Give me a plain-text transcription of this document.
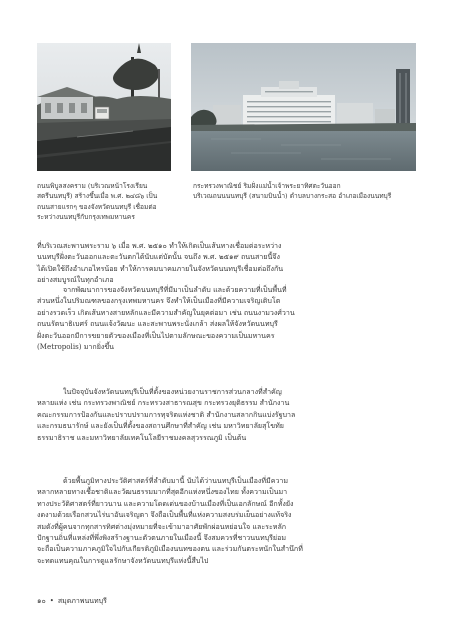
ถนนพิบูลสงคราม (บริเวณหน้าโรงเรียน
สตรีนนทบุรี) สร้างขึ้นเมื่อ พ.ศ. ๒๔๘๖ เป็น
ถนนสายแรกๆ ของจังหวัดนนทบุรี เชื่อมต่อ
ระหว่างนนทบุรีกับกรุงเทพมหานคร
กระทรวงพาณิชย์ ริมฝั่งแม่น้ำเจ้าพระยาทิศตะวันออก
บริเวณถนนนนทบุรี (สนามบินน้ำ) ตำบลบางกระสอ อำเภอเมืองนนทบุรี
ที่บริเวณสะพานพระราม ๖ เมื่อ พ.ศ. ๒๕๑๐ ทำให้เกิดเป็นเส้นทางเชื่อมต่อระหว่าง
นนทบุรีฝั่งตะวันออกและตะวันตกได้นับแต่บัดนั้น จนถึง พ.ศ. ๒๕๑๙ ถนนสายนี้จึง
ได้เปิดใช้ถึงอำเภอไทรน้อย ทำให้การคมนาคมภายในจังหวัดนนทบุรีเชื่อมต่อถึงกัน
อย่างสมบูรณ์ในทุกอำเภอ
จากพัฒนาการของจังหวัดนนทบุรีที่มีมาเป็นลำดับ และด้วยความที่เป็นพื้นที่
ส่วนหนึ่งในปริมณฑลของกรุงเทพมหานคร จึงทำให้เป็นเมืองที่มีความเจริญเติบโต
อย่างรวดเร็ว เกิดเส้นทางสายหลักและมีความสำคัญในยุคต่อมา เช่น ถนนงามวงศ์วาน
ถนนรัตนาธิเบศร์ ถนนแจ้งวัฒนะ และสะพานพระนั่งเกล้า ส่งผลให้จังหวัดนนทบุรี
ฝั่งตะวันออกมีการขยายตัวของเมืองที่เป็นไปตามลักษณะของความเป็นมหานคร
(Metropolis) มากยิ่งขึ้น
ในปัจจุบันจังหวัดนนทบุรีเป็นที่ตั้งของหน่วยงานราชการส่วนกลางที่สำคัญ
หลายแห่ง เช่น กระทรวงพาณิชย์ กระทรวงสาธารณสุข กระทรวงยุติธรรม สำนักงาน
คณะกรรมการป้องกันและปราบปรามการทุจริตแห่งชาติ สำนักงานสลากกินแบ่งรัฐบาล
และกรมธนารักษ์ และยังเป็นที่ตั้งของสถานศึกษาที่สำคัญ เช่น มหาวิทยาลัยสุโขทัย
ธรรมาธิราช และมหาวิทยาลัยเทคโนโลยีราชมงคลสุวรรณภูมิ เป็นต้น
ด้วยพื้นภูมิทางประวัติศาสตร์ที่ลำดับมานี้ นับได้ว่านนทบุรีเป็นเมืองที่มีความ
หลากหลายทางเชื้อชาติและวัฒนธรรมมากที่สุดอีกแห่งหนึ่งของไทย ทั้งความเป็นมา
ทางประวัติศาสตร์ที่ยาวนาน และความโดดเด่นของบ้านเมืองที่เป็นเอกลักษณ์ อีกทั้งยัง
งดงามด้วยเรือกสวนไร่นาอันเจริญตา จึงถือเป็นพื้นที่แห่งความสงบร่มเย็นอย่างแท้จริง
สมดังที่ผู้คนจากทุกสารทิศต่างมุ่งหมายที่จะเข้ามาอาศัยพักผ่อนหย่อนใจ และระหลัก
ปักฐานถิ่นที่แหล่งที่พึ่งพิงสร้างฐานะตัวตนภายในเมืองนี้ จึงสมควรที่ชาวนนทบุรีย่อม
จะถือเป็นความภาคภูมิใจไปกับเกียรติภูมิเมืองนนทของตน และร่วมกันตระหนักในสำนึกที่
จะทดแทนคุณในการดูแลรักษาจังหวัดนนทบุรีแห่งนี้สืบไป
๑๐ • สมุดภาพนนทบุรี
